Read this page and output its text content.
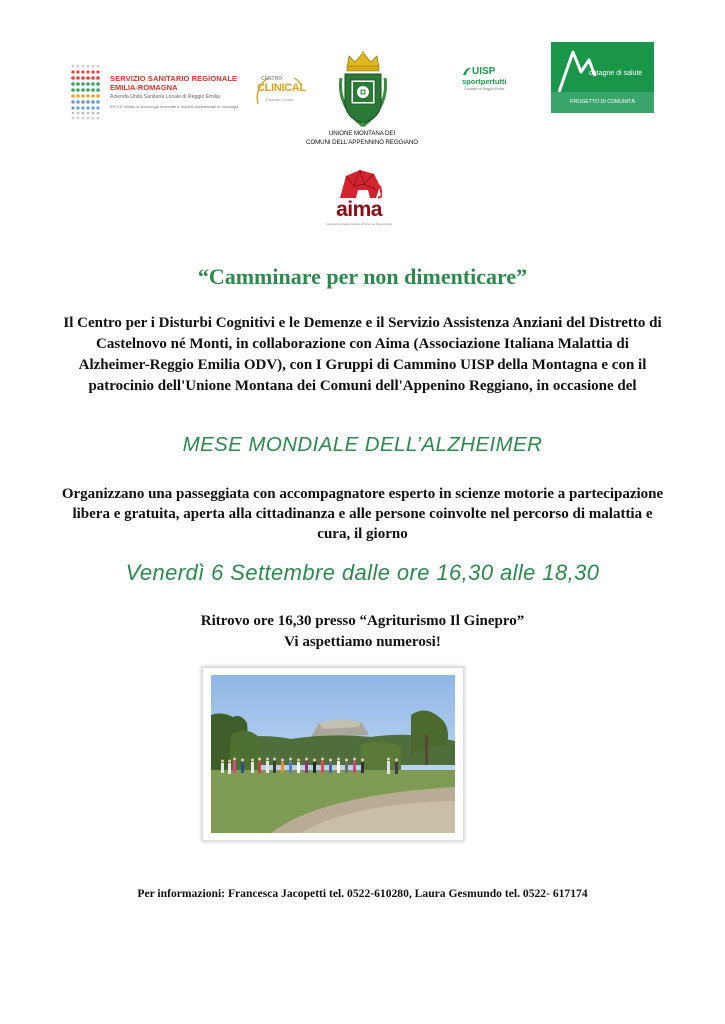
SERVIZIO SANITARIO REGIONALE
EMILIA-ROMAGNA
Azienda Unità Sanitaria Locale di Reggio Emilia
IRCCS Istituto in tecnologie avanzate e modelli assistenziali in oncologia
CENTRO
CLINICAL
Disease Centre
UNIONE MONTANA DEI
COMUNI DELL'APPENNINO REGGIANO
UISP
sportpertutti
Comitato di Reggio Emilia
ontagne di salute
PROGETTO DI COMUNITÀ
aima
Associazione Italiana Malattia di Alzheimer Reggio Emilia
“Camminare per non dimenticare”
Il Centro per i Disturbi Cognitivi e le Demenze e il Servizio Assistenza Anziani del Distretto di Castelnovo né Monti, in collaborazione con Aima (Associazione Italiana Malattia di Alzheimer-Reggio Emilia ODV), con I Gruppi di Cammino UISP della Montagna e con il patrocinio dell'Unione Montana dei Comuni dell'Appenino Reggiano, in occasione del
MESE MONDIALE DELL’ALZHEIMER
Organizzano una passeggiata con accompagnatore esperto in scienze motorie a partecipazione libera e gratuita, aperta alla cittadinanza e alle persone coinvolte nel percorso di malattia e cura, il giorno
Venerdì 6 Settembre dalle ore 16,30 alle 18,30
Ritrovo ore 16,30 presso “Agriturismo Il Ginepro”
Vi aspettiamo numerosi!
Per informazioni: Francesca Jacopetti tel. 0522-610280, Laura Gesmundo tel. 0522- 617174
